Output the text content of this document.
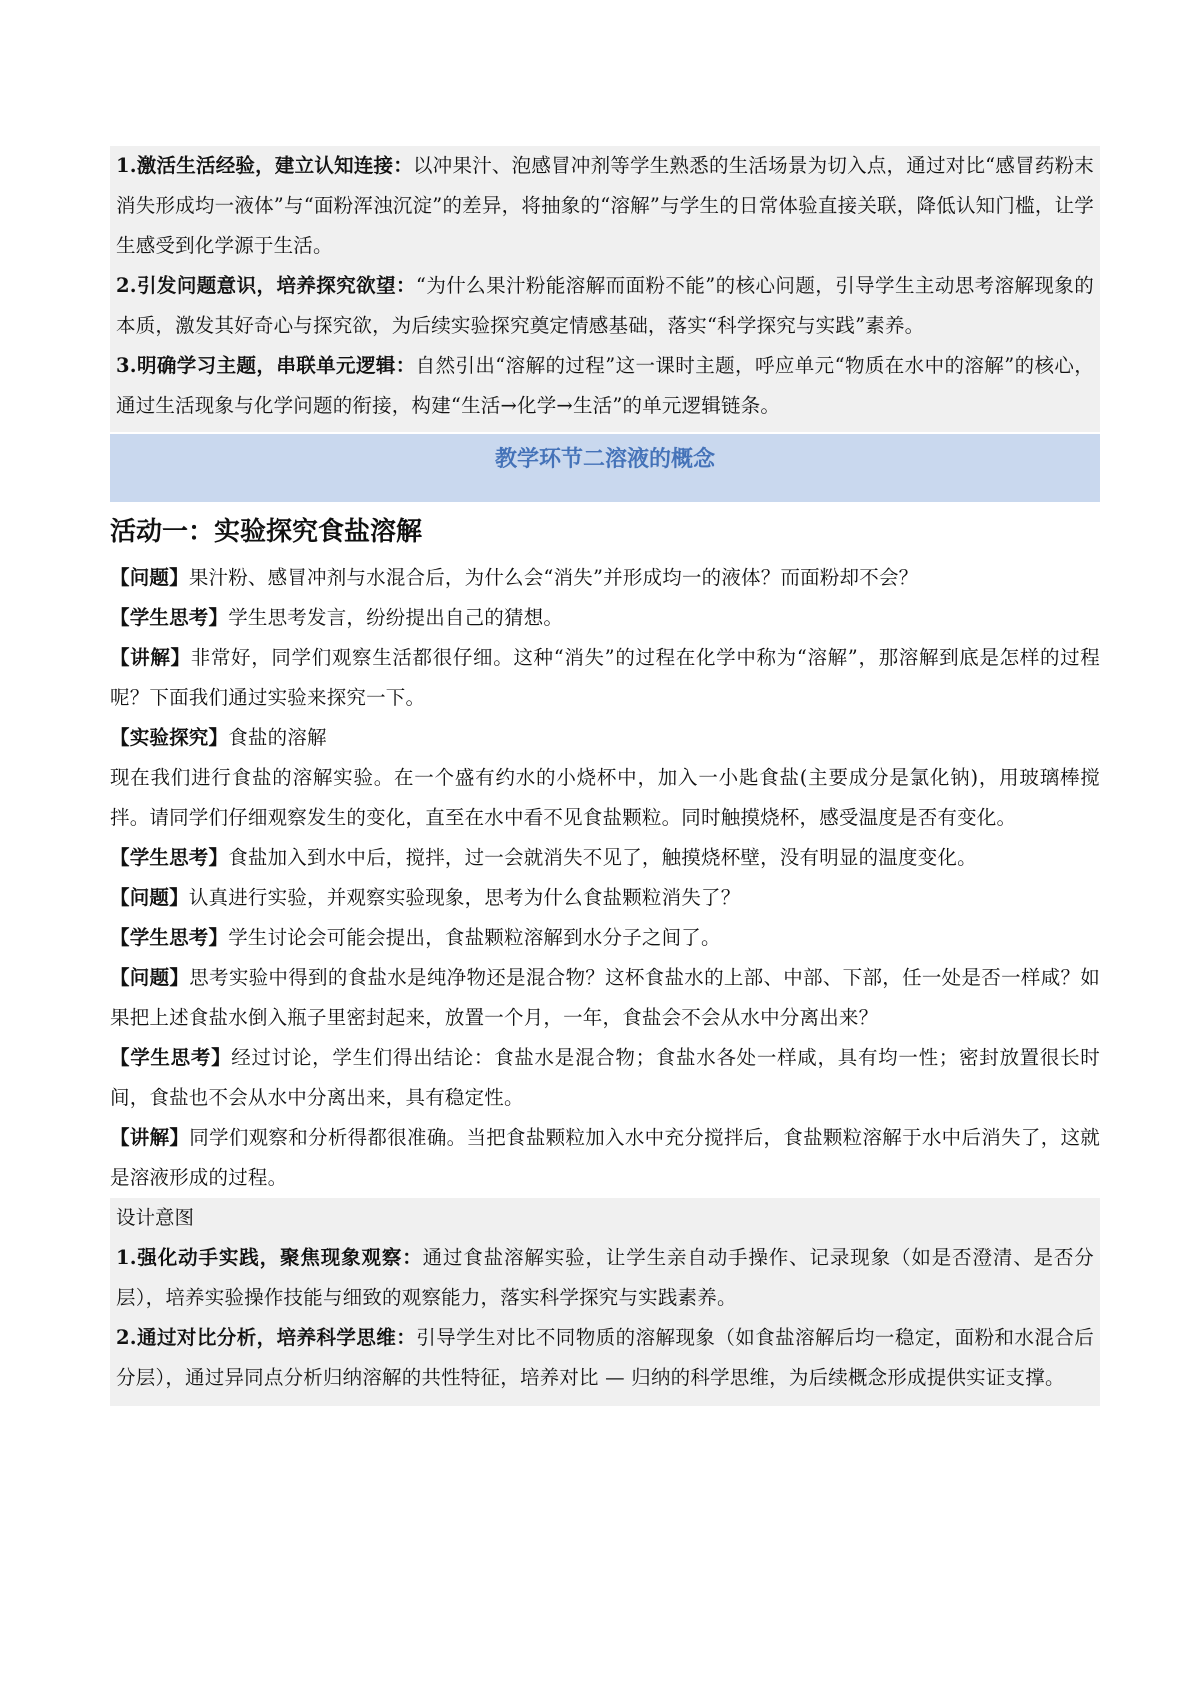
1.激活生活经验，建立认知连接：以冲果汁、泡感冒冲剂等学生熟悉的生活场景为切入点，通过对比“感冒药粉末消失形成均一液体”与“面粉浑浊沉淀”的差异，将抽象的“溶解”与学生的日常体验直接关联，降低认知门槛，让学生感受到化学源于生活。

2.引发问题意识，培养探究欲望：“为什么果汁粉能溶解而面粉不能”的核心问题，引导学生主动思考溶解现象的本质，激发其好奇心与探究欲，为后续实验探究奠定情感基础，落实“科学探究与实践”素养。

3.明确学习主题，串联单元逻辑：自然引出“溶解的过程”这一课时主题，呼应单元“物质在水中的溶解”的核心，通过生活现象与化学问题的衔接，构建“生活→化学→生活”的单元逻辑链条。

教学环节二溶液的概念
活动一：实验探究食盐溶解

【问题】果汁粉、感冒冲剂与水混合后，为什么会“消失”并形成均一的液体？而面粉却不会？

【学生思考】学生思考发言，纷纷提出自己的猜想。

【讲解】非常好，同学们观察生活都很仔细。这种“消失”的过程在化学中称为“溶解”，那溶解到底是怎样的过程呢？下面我们通过实验来探究一下。

【实验探究】食盐的溶解

现在我们进行食盐的溶解实验。在一个盛有约水的小烧杯中，加入一小匙食盐(主要成分是氯化钠)，用玻璃棒搅拌。请同学们仔细观察发生的变化，直至在水中看不见食盐颗粒。同时触摸烧杯，感受温度是否有变化。

【学生思考】食盐加入到水中后，搅拌，过一会就消失不见了，触摸烧杯壁，没有明显的温度变化。

【问题】认真进行实验，并观察实验现象，思考为什么食盐颗粒消失了？

【学生思考】学生讨论会可能会提出，食盐颗粒溶解到水分子之间了。

【问题】思考实验中得到的食盐水是纯净物还是混合物？这杯食盐水的上部、中部、下部，任一处是否一样咸？如果把上述食盐水倒入瓶子里密封起来，放置一个月，一年，食盐会不会从水中分离出来？

【学生思考】经过讨论，学生们得出结论：食盐水是混合物；食盐水各处一样咸，具有均一性；密封放置很长时间，食盐也不会从水中分离出来，具有稳定性。

【讲解】同学们观察和分析得都很准确。当把食盐颗粒加入水中充分搅拌后，食盐颗粒溶解于水中后消失了，这就是溶液形成的过程。

设计意图

1.强化动手实践，聚焦现象观察：通过食盐溶解实验，让学生亲自动手操作、记录现象（如是否澄清、是否分层），培养实验操作技能与细致的观察能力，落实科学探究与实践素养。

2.通过对比分析，培养科学思维：引导学生对比不同物质的溶解现象（如食盐溶解后均一稳定，面粉和水混合后分层），通过异同点分析归纳溶解的共性特征，培养对比 — 归纳的科学思维，为后续概念形成提供实证支撑。
